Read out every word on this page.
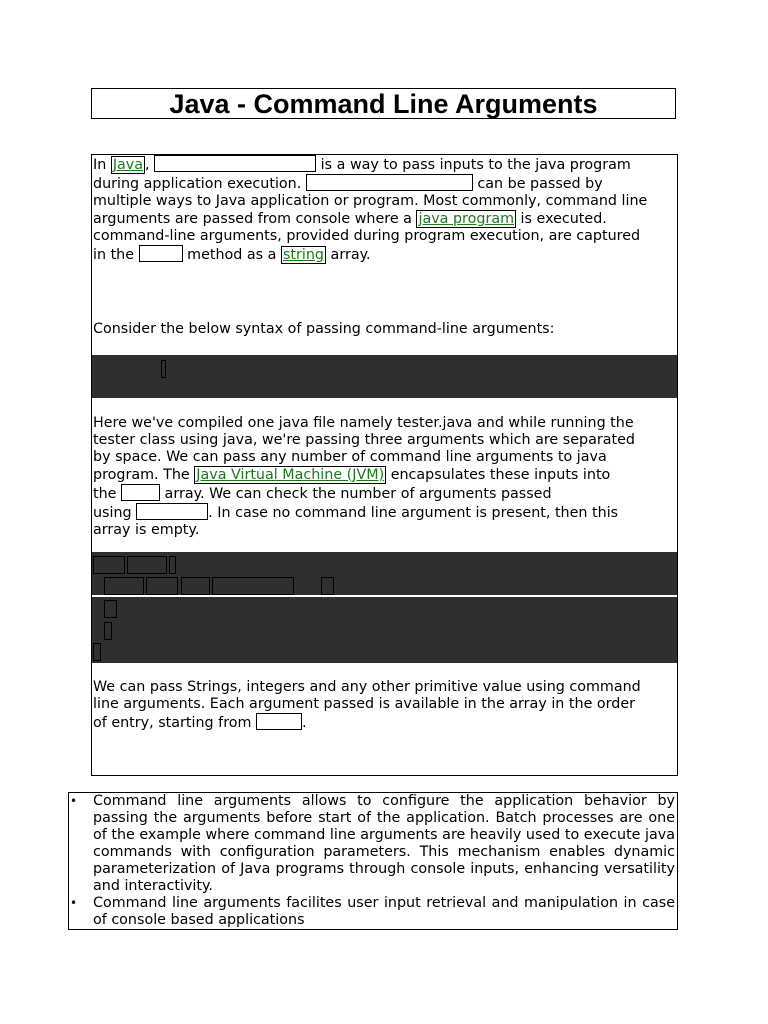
Java - Command Line Arguments
In Java ,	is a way to pass inputs to the java program
during application execution.	can be passed by
multiple ways to Java application or program. Most commonly, command line
arguments are passed from console where a java program is executed.
command-line arguments, provided during program execution, are captured
in the	method as a string array.
Consider the below syntax of passing command-line arguments:
Here we've compiled one java file namely tester.java and while running the
tester class using java, we're passing three arguments which are separated
by space. We can pass any number of command line arguments to java
program. The Java Virtual Machine (JVM) encapsulates these inputs into
the	array. We can check the number of arguments passed
using	. In case no command line argument is present, then this
array is empty.
We can pass Strings, integers and any other primitive value using command
line arguments. Each argument passed is available in the array in the order
of entry, starting from	.
• Command line arguments allows to configure the application behavior by passing the arguments before start of the application. Batch processes are one of the example where command line arguments are heavily used to execute java commands with configuration parameters. This mechanism enables dynamic parameterization of Java programs through console inputs, enhancing versatility and interactivity.
• Command line arguments facilites user input retrieval and manipulation in case of console based applications
